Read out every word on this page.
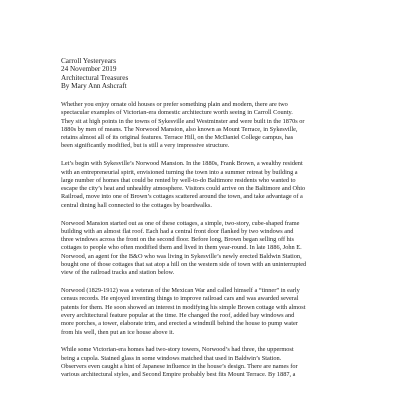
Carroll Yesteryears
24 November 2019
Architectural Treasures
By Mary Ann Ashcraft
Whether you enjoy ornate old houses or prefer something plain and modern, there are two
spectacular examples of Victorian-era domestic architecture worth seeing in Carroll County.
They sit at high points in the towns of Sykesville and Westminster and were built in the 1870s or
1880s by men of means. The Norwood Mansion, also known as Mount Terrace, in Sykesville,
retains almost all of its original features. Terrace Hill, on the McDaniel College campus, has
been significantly modified, but is still a very impressive structure.
Let’s begin with Sykesville’s Norwood Mansion. In the 1880s, Frank Brown, a wealthy resident
with an entrepreneurial spirit, envisioned turning the town into a summer retreat by building a
large number of homes that could be rented by well-to-do Baltimore residents who wanted to
escape the city’s heat and unhealthy atmosphere. Visitors could arrive on the Baltimore and Ohio
Railroad, move into one of Brown’s cottages scattered around the town, and take advantage of a
central dining hall connected to the cottages by boardwalks.
Norwood Mansion started out as one of these cottages, a simple, two-story, cube-shaped frame
building with an almost flat roof. Each had a central front door flanked by two windows and
three windows across the front on the second floor. Before long, Brown began selling off his
cottages to people who often modified them and lived in them year-round. In late 1886, John E.
Norwood, an agent for the B&O who was living in Sykesville’s newly erected Baldwin Station,
bought one of those cottages that sat atop a hill on the western side of town with an uninterrupted
view of the railroad tracks and station below.
Norwood (1829-1912) was a veteran of the Mexican War and called himself a “tinner” in early
census records. He enjoyed inventing things to improve railroad cars and was awarded several
patents for them. He soon showed an interest in modifying his simple Brown cottage with almost
every architectural feature popular at the time. He changed the roof, added bay windows and
more porches, a tower, elaborate trim, and erected a windmill behind the house to pump water
from his well, then put an ice house above it.
While some Victorian-era homes had two-story towers, Norwood’s had three, the uppermost
being a cupola. Stained glass in some windows matched that used in Baldwin’s Station.
Observers even caught a hint of Japanese influence in the house’s design. There are names for
various architectural styles, and Second Empire probably best fits Mount Terrace. By 1887, a
